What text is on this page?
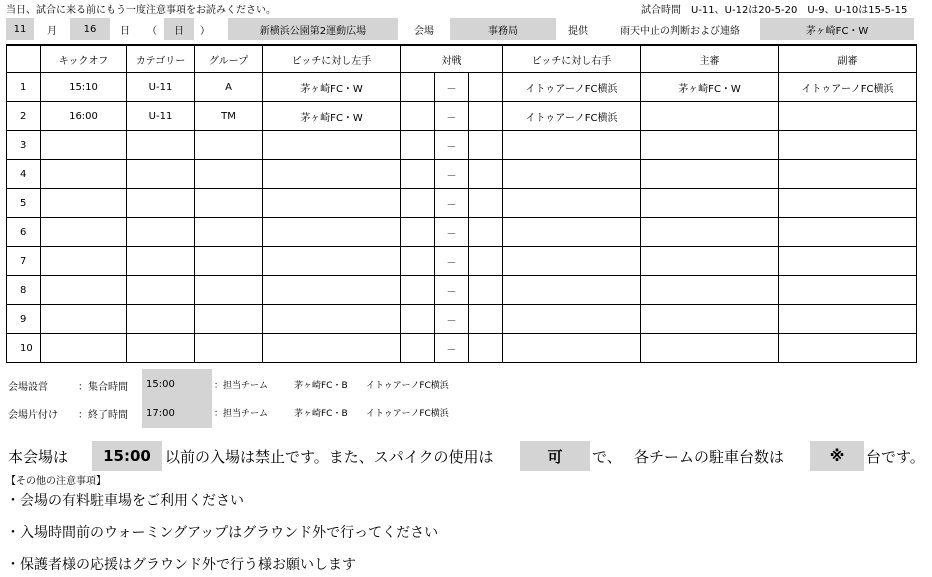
当日、試合に来る前にもう一度注意事項をお読みください。	試合時間　U-11、U-12は20-5-20　U-9、U-10は15-5-15
11	月	16	日	（	日	）	新横浜公園第2運動広場	会場	事務局	提供	雨天中止の判断および連絡	茅ヶ崎FC・W
	キックオフ	カテゴリー	グループ	ピッチに対し左手	対戦			ピッチに対し右手	主審	副審
1	15:10	U-11	A	茅ヶ崎FC・W		－		イトゥアーノFC横浜	茅ヶ崎FC・W	イトゥアーノFC横浜
2	16:00	U-11	TM	茅ヶ崎FC・W		－		イトゥアーノFC横浜		
3						－				
4						－				
5						－				
6						－				
7						－				
8						－				
9						－				
10						－				
会場設営	：集合時間	15:00	：担当チーム	茅ヶ崎FC・B イトゥアーノFC横浜
会場片付け ：終了時間	17:00	：担当チーム	茅ヶ崎FC・B イトゥアーノFC横浜
本会場は	15:00 以前の入場は禁止です。また、スパイクの使用は	可	で、 各チームの駐車台数は	※	台です。
【その他の注意事項】
・会場の有料駐車場をご利用ください
・入場時間前のウォーミングアップはグラウンド外で行ってください
・保護者様の応援はグラウンド外で行う様お願いします
